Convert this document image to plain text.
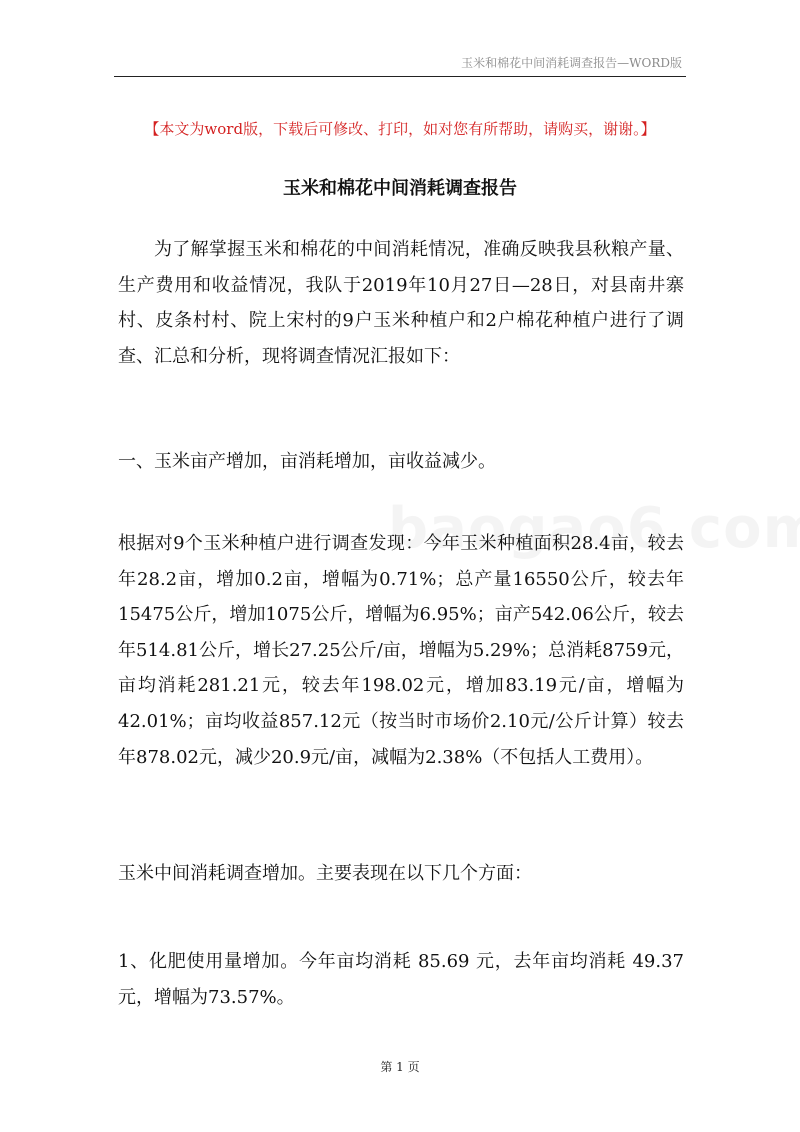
玉米和棉花中间消耗调查报告—WORD版
【本文为word版，下载后可修改、打印，如对您有所帮助，请购买，谢谢。】
玉米和棉花中间消耗调查报告

为了解掌握玉米和棉花的中间消耗情况，准确反映我县秋粮产量、生产费用和收益情况，我队于2019年10月27日—28日，对县南井寨村、皮条村村、院上宋村的9户玉米种植户和2户棉花种植户进行了调查、汇总和分析，现将调查情况汇报如下：

一、玉米亩产增加，亩消耗增加，亩收益减少。

根据对9个玉米种植户进行调查发现：今年玉米种植面积28.4亩，较去年28.2亩，增加0.2亩，增幅为0.71%；总产量16550公斤，较去年15475公斤，增加1075公斤，增幅为6.95%；亩产542.06公斤，较去年514.81公斤，增长27.25公斤/亩，增幅为5.29%；总消耗8759元，亩均消耗281.21元，较去年198.02元，增加83.19元/亩，增幅为42.01%；亩均收益857.12元（按当时市场价2.10元/公斤计算）较去年878.02元，减少20.9元/亩，减幅为2.38%（不包括人工费用）。

玉米中间消耗调查增加。主要表现在以下几个方面：

1、化肥使用量增加。今年亩均消耗 85.69 元，去年亩均消耗 49.37 元，增幅为73.57%。

第 1 页
